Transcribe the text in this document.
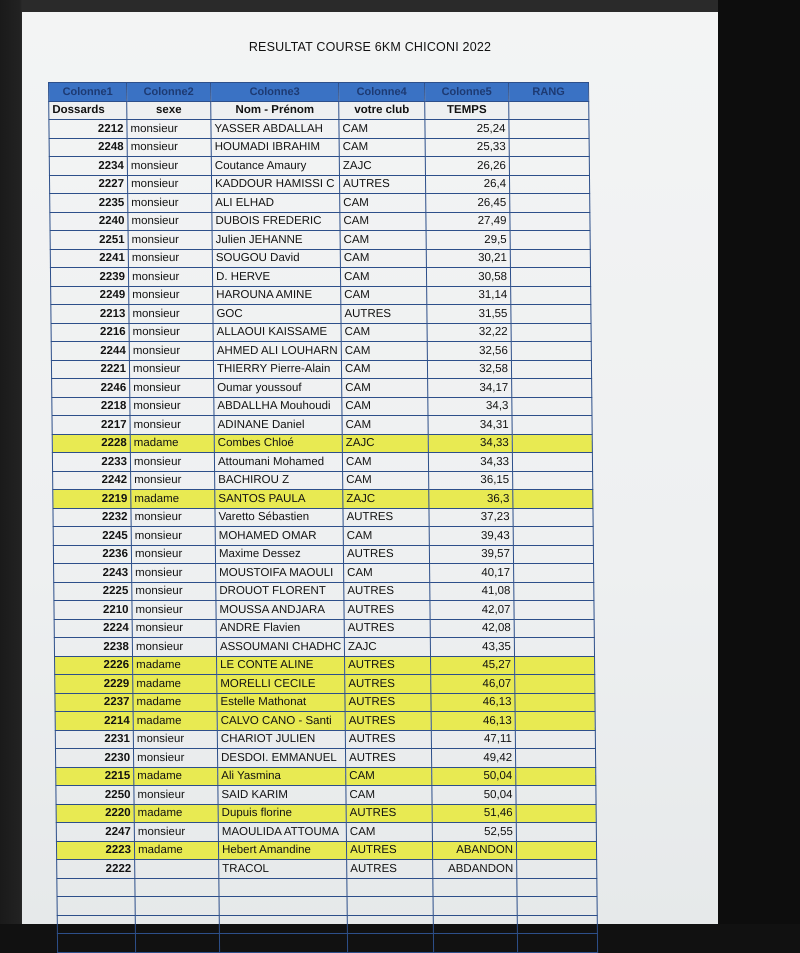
RESULTAT COURSE 6KM CHICONI 2022
Colonne1	Colonne2	Colonne3	Colonne4	Colonne5	RANG
Dossards	sexe	Nom - Prénom	votre club	TEMPS	
2212	monsieur	YASSER ABDALLAH	CAM	25,24	
2248	monsieur	HOUMADI IBRAHIM	CAM	25,33	
2234	monsieur	Coutance Amaury	ZAJC	26,26	
2227	monsieur	KADDOUR HAMISSI C	AUTRES	26,4	
2235	monsieur	ALI ELHAD	CAM	26,45	
2240	monsieur	DUBOIS FREDERIC	CAM	27,49	
2251	monsieur	Julien JEHANNE	CAM	29,5	
2241	monsieur	SOUGOU David	CAM	30,21	
2239	monsieur	D. HERVE	CAM	30,58	
2249	monsieur	HAROUNA AMINE	CAM	31,14	
2213	monsieur	GOC	AUTRES	31,55	
2216	monsieur	ALLAOUI KAISSAME	CAM	32,22	
2244	monsieur	AHMED ALI LOUHARN	CAM	32,56	
2221	monsieur	THIERRY Pierre-Alain	CAM	32,58	
2246	monsieur	Oumar youssouf	CAM	34,17	
2218	monsieur	ABDALLHA Mouhoudi	CAM	34,3	
2217	monsieur	ADINANE Daniel	CAM	34,31	
2228	madame	Combes Chloé	ZAJC	34,33	
2233	monsieur	Attoumani Mohamed	CAM	34,33	
2242	monsieur	BACHIROU Z	CAM	36,15	
2219	madame	SANTOS PAULA	ZAJC	36,3	
2232	monsieur	Varetto Sébastien	AUTRES	37,23	
2245	monsieur	MOHAMED OMAR	CAM	39,43	
2236	monsieur	Maxime Dessez	AUTRES	39,57	
2243	monsieur	MOUSTOIFA MAOULI	CAM	40,17	
2225	monsieur	DROUOT FLORENT	AUTRES	41,08	
2210	monsieur	MOUSSA ANDJARA	AUTRES	42,07	
2224	monsieur	ANDRE Flavien	AUTRES	42,08	
2238	monsieur	ASSOUMANI CHADHC	ZAJC	43,35	
2226	madame	LE CONTE ALINE	AUTRES	45,27	
2229	madame	MORELLI CECILE	AUTRES	46,07	
2237	madame	Estelle Mathonat	AUTRES	46,13	
2214	madame	CALVO CANO - Santi	AUTRES	46,13	
2231	monsieur	CHARIOT JULIEN	AUTRES	47,11	
2230	monsieur	DESDOI. EMMANUEL	AUTRES	49,42	
2215	madame	Ali Yasmina	CAM	50,04	
2250	monsieur	SAID KARIM	CAM	50,04	
2220	madame	Dupuis florine	AUTRES	51,46	
2247	monsieur	MAOULIDA ATTOUMA	CAM	52,55	
2223	madame	Hebert Amandine	AUTRES	ABANDON	
2222		TRACOL	AUTRES	ABDANDON	
